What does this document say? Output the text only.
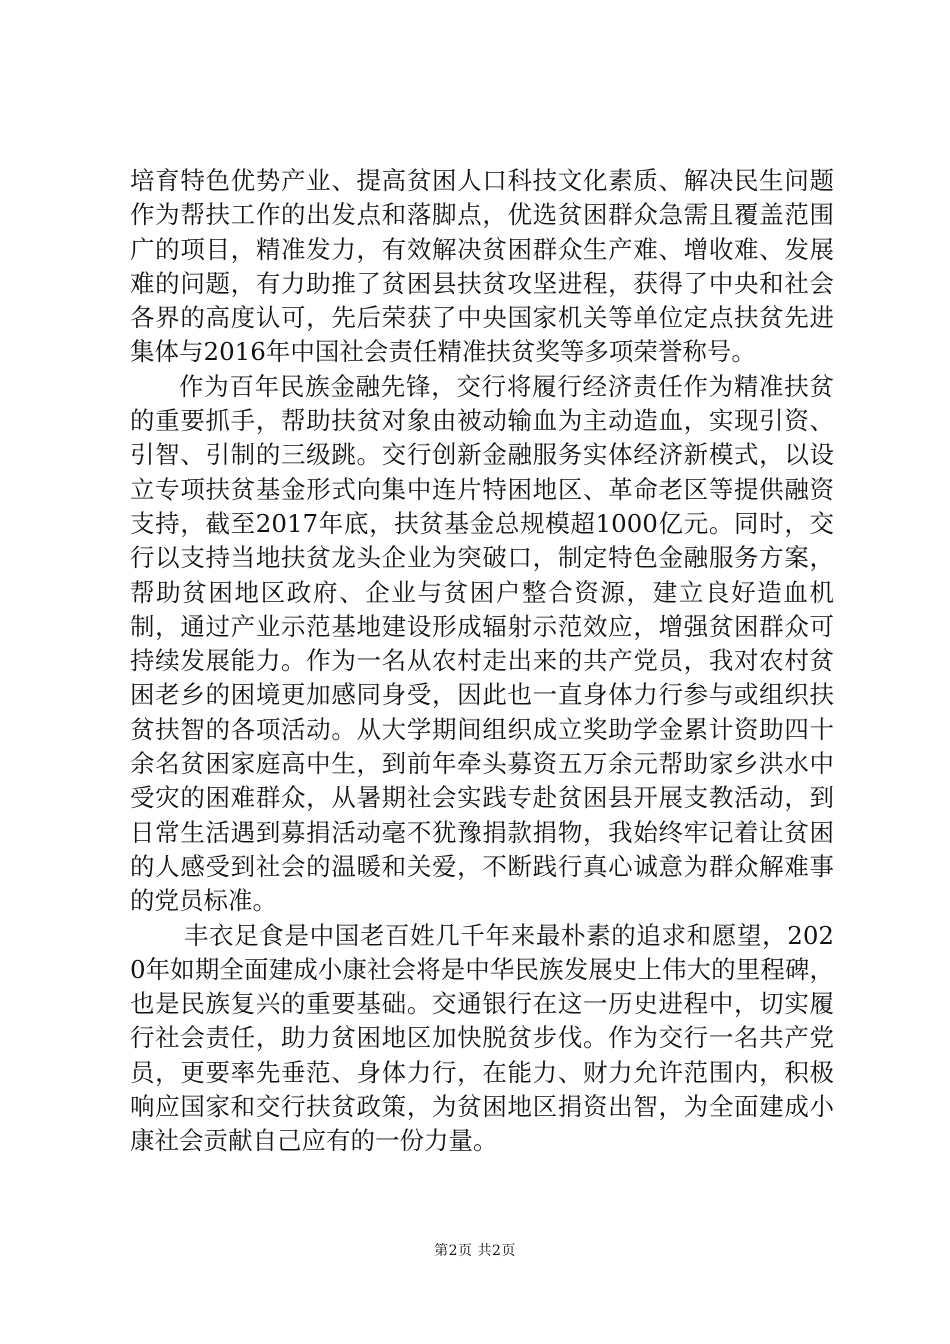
培育特色优势产业、提高贫困人口科技文化素质、解决民生问题作为帮扶工作的出发点和落脚点，优选贫困群众急需且覆盖范围广的项目，精准发力，有效解决贫困群众生产难、增收难、发展难的问题，有力助推了贫困县扶贫攻坚进程，获得了中央和社会各界的高度认可，先后荣获了中央国家机关等单位定点扶贫先进集体与2016年中国社会责任精准扶贫奖等多项荣誉称号。

作为百年民族金融先锋，交行将履行经济责任作为精准扶贫的重要抓手，帮助扶贫对象由被动输血为主动造血，实现引资、引智、引制的三级跳。交行创新金融服务实体经济新模式，以设立专项扶贫基金形式向集中连片特困地区、革命老区等提供融资支持，截至2017年底，扶贫基金总规模超1000亿元。同时，交行以支持当地扶贫龙头企业为突破口，制定特色金融服务方案，帮助贫困地区政府、企业与贫困户整合资源，建立良好造血机制，通过产业示范基地建设形成辐射示范效应，增强贫困群众可持续发展能力。作为一名从农村走出来的共产党员，我对农村贫困老乡的困境更加感同身受，因此也一直身体力行参与或组织扶贫扶智的各项活动。从大学期间组织成立奖助学金累计资助四十余名贫困家庭高中生，到前年牵头募资五万余元帮助家乡洪水中受灾的困难群众，从暑期社会实践专赴贫困县开展支教活动，到日常生活遇到募捐活动毫不犹豫捐款捐物，我始终牢记着让贫困的人感受到社会的温暖和关爱，不断践行真心诚意为群众解难事的党员标准。

丰衣足食是中国老百姓几千年来最朴素的追求和愿望，2020年如期全面建成小康社会将是中华民族发展史上伟大的里程碑，也是民族复兴的重要基础。交通银行在这一历史进程中，切实履行社会责任，助力贫困地区加快脱贫步伐。作为交行一名共产党员，更要率先垂范、身体力行，在能力、财力允许范围内，积极响应国家和交行扶贫政策，为贫困地区捐资出智，为全面建成小康社会贡献自己应有的一份力量。

第2页 共2页
